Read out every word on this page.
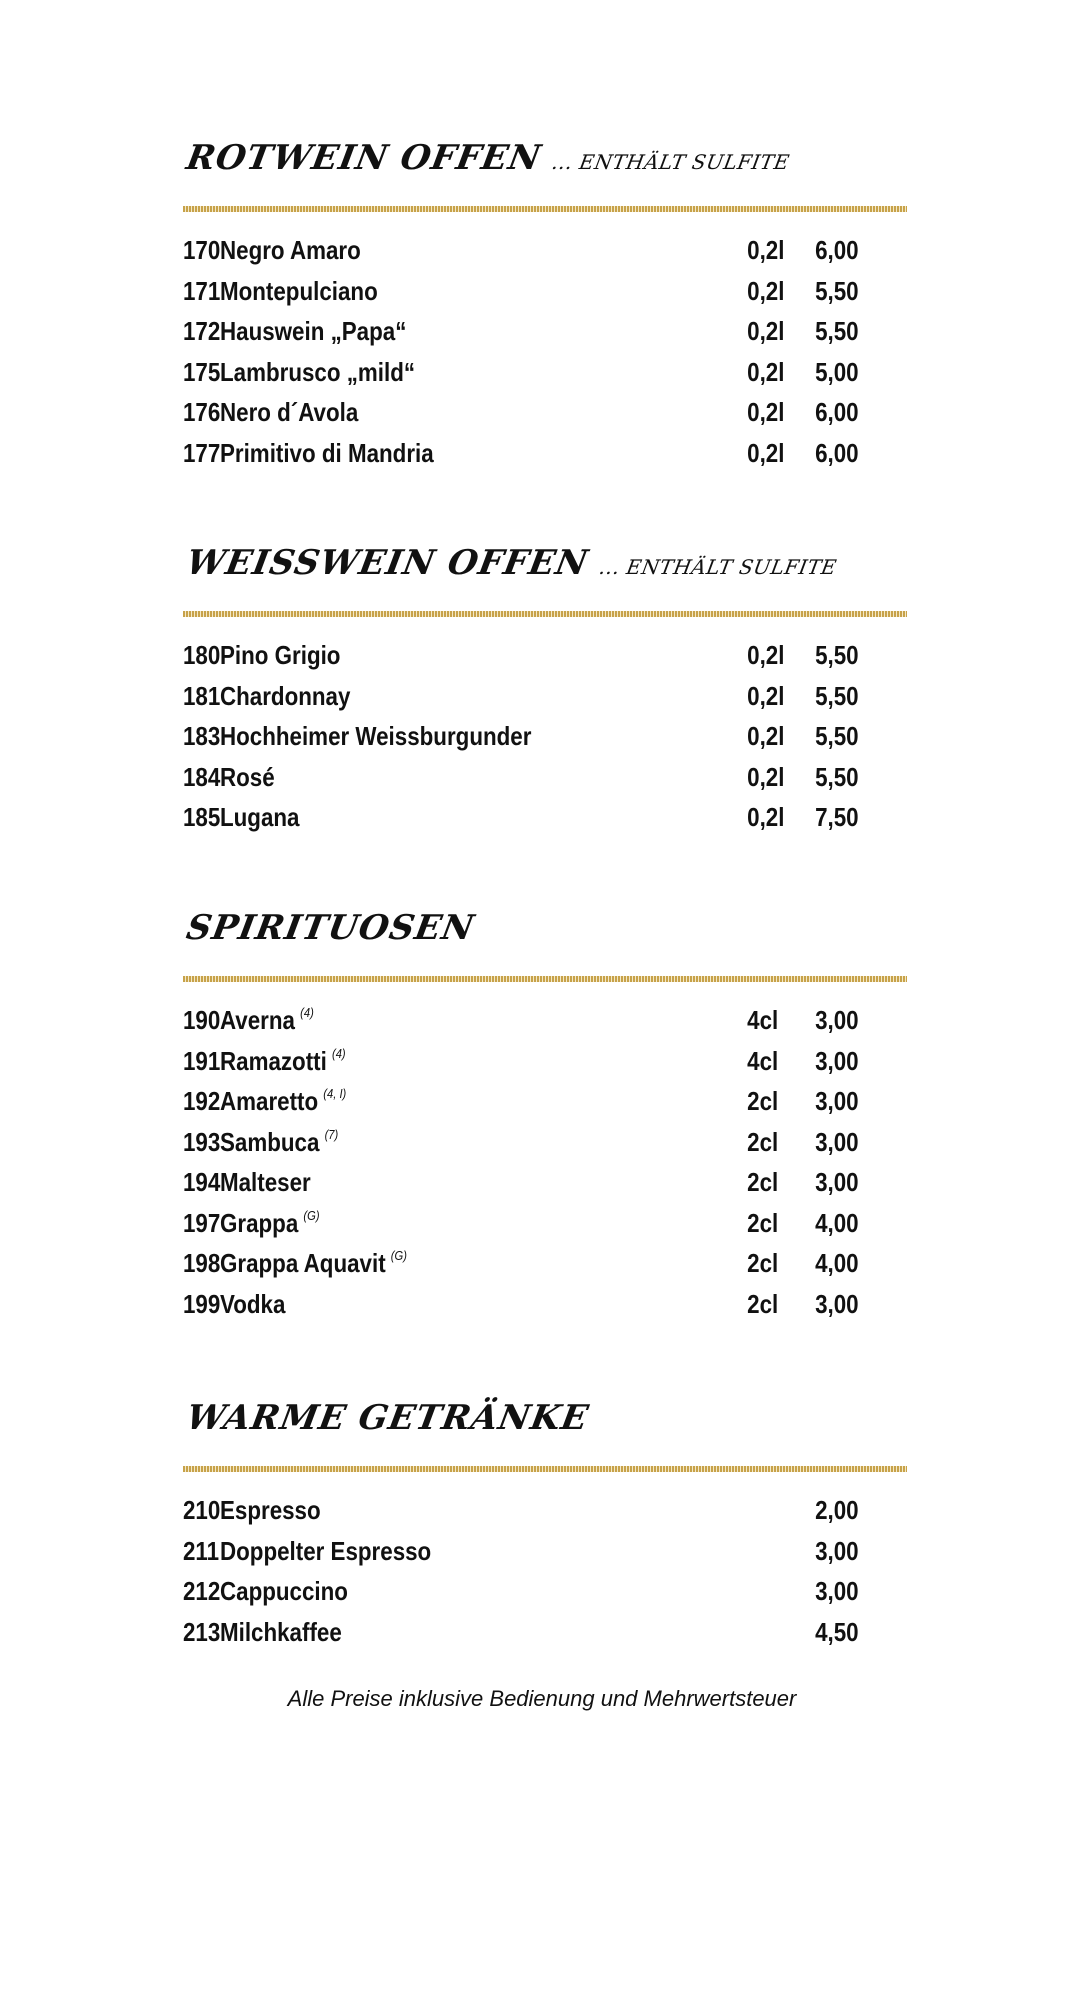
ROTWEIN OFFEN ... ENTHÄLT SULFITE
170 Negro Amaro	0,2l 6,00
171 Montepulciano	0,2l 5,50
172 Hauswein „Papa“	0,2l 5,50
175 Lambrusco „mild“	0,2l 5,00
176 Nero d´Avola	0,2l 6,00
177 Primitivo di Mandria	0,2l 6,00
WEISSWEIN OFFEN ... ENTHÄLT SULFITE
180 Pino Grigio	0,2l 5,50
181 Chardonnay	0,2l 5,50
183 Hochheimer Weissburgunder	0,2l 5,50
184 Rosé	0,2l 5,50
185 Lugana	0,2l 7,50
SPIRITUOSEN
190 Averna $^{(4)}$	4cl 3,00
191 Ramazotti $^{(4)}$	4cl 3,00
192 Amaretto $^{(4, I)}$	2cl 3,00
193 Sambuca $^{(7)}$	2cl 3,00
194 Malteser	2cl 3,00
197 Grappa $^{(G)}$	2cl 4,00
198 Grappa Aquavit $^{(G)}$	2cl 4,00
199 Vodka	2cl 3,00
WARME GETRÄNKE
210 Espresso	2,00
211 Doppelter Espresso	3,00
212 Cappuccino	3,00
213 Milchkaffee	4,50
Alle Preise inklusive Bedienung und Mehrwertsteuer
